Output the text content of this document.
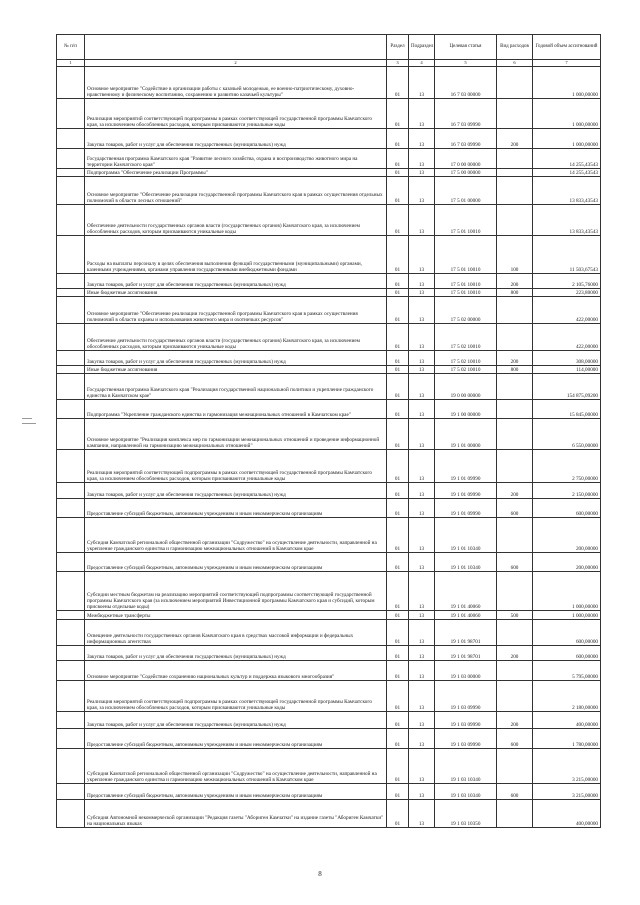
№ п/п		Раздел	Подраздел	Целевая статья	Вид расходов	Годовой объем ассигнований
1	2	3	4	5	6	7
	Основное мероприятие "Содействие в организации работы с казачьей молодежью, ее военно-патриотическому, духовно-нравственному и физическому воспитанию, сохранению и развитию казачьей культуры"	01	13	16 7 03 00000		1 000,00000
	Реализация мероприятий соответствующей подпрограммы в рамках соответствующей государственной программы Камчатского края, за исключением обособленных расходов, которым присваиваются уникальные коды	01	13	16 7 03 09990		1 000,00000
	Закупка товаров, работ и услуг для обеспечения государственных (муниципальных) нужд	01	13	16 7 03 09990	200	1 000,00000
	Государственная программа Камчатского края "Развитие лесного хозяйства, охрана и воспроизводство животного мира на территории Камчатского края"	01	13	17 0 00 00000		14 255,43543
	Подпрограмма "Обеспечение реализации Программы"	01	13	17 5 00 00000		14 255,43543
	Основное мероприятие "Обеспечение реализации государственной программы Камчатского края в рамках осуществления отдельных полномочий в области лесных отношений"	01	13	17 5 01 00000		13 833,43543
	Обеспечение деятельности государственных органов власти (государственных органов) Камчатского края, за исключением обособленных расходов, которым присваиваются уникальные коды	01	13	17 5 01 10010		13 833,43543
	Расходы на выплаты персоналу в целях обеспечения выполнения функций государственными (муниципальными) органами, казенными учреждениями, органами управления государственными внебюджетными фондами	01	13	17 5 01 10010	100	11 503,67543
	Закупка товаров, работ и услуг для обеспечения государственных (муниципальных) нужд	01	13	17 5 01 10010	200	2 105,76000
	Иные бюджетные ассигнования	01	13	17 5 01 10010	800	223,80000
	Основное мероприятие "Обеспечение реализации государственной программы Камчатского края в рамках осуществления полномочий в области охраны и использования животного мира и охотничьих ресурсов"	01	13	17 5 02 00000		422,00000
	Обеспечение деятельности государственных органов власти (государственных органов) Камчатского края, за исключением обособленных расходов, которым присваиваются уникальные коды	01	13	17 5 02 10010		422,00000
	Закупка товаров, работ и услуг для обеспечения государственных (муниципальных) нужд	01	13	17 5 02 10010	200	308,00000
	Иные бюджетные ассигнования	01	13	17 5 02 10010	800	114,00000
	Государственная программа Камчатского края "Реализация государственной национальной политики и укрепление гражданского единства в Камчатском крае"	01	13	19 0 00 00000		154 875,09200
	Подпрограмма "Укрепление гражданского единства и гармонизация межнациональных отношений в Камчатском крае"	01	13	19 1 00 00000		15 845,00000
	Основное мероприятие "Реализация комплекса мер по гармонизации межнациональных отношений и проведение информационной кампании, направленной на гармонизацию межнациональных отношений"	01	13	19 1 01 00000		6 550,00000
	Реализация мероприятий соответствующей подпрограммы в рамках соответствующей государственной программы Камчатского края, за исключением обособленных расходов, которым присваиваются уникальные коды	01	13	19 1 01 09990		2 750,00000
	Закупка товаров, работ и услуг для обеспечения государственных (муниципальных) нужд	01	13	19 1 01 09990	200	2 150,00000
	Предоставление субсидий бюджетным, автономным учреждениям и иным некоммерческим организациям	01	13	19 1 01 09990	600	600,00000
	Субсидия Камчатской региональной общественной организации "Содружество" на осуществление деятельности, направленной на укрепление гражданского единства и гармонизацию межнациональных отношений в Камчатском крае	01	13	19 1 01 10340		200,00000
	Предоставление субсидий бюджетным, автономным учреждениям и иным некоммерческим организациям	01	13	19 1 01 10340	600	200,00000
	Субсидии местным бюджетам на реализацию мероприятий соответствующей подпрограммы соответствующей государственной программы Камчатского края (за исключением мероприятий Инвестиционной программы Камчатского края и субсидий, которым присвоены отдельные коды)	01	13	19 1 01 40060		1 000,00000
	Межбюджетные трансферты	01	13	19 1 01 40060	500	1 000,00000
	Освещение деятельности государственных органов Камчатского края в средствах массовой информации и федеральных информационных агентствах	01	13	19 1 01 98701		600,00000
	Закупка товаров, работ и услуг для обеспечения государственных (муниципальных) нужд	01	13	19 1 01 98701	200	600,00000
	Основное мероприятие "Содействие сохранению национальных культур и поддержка языкового многообразия"	01	13	19 1 03 00000		5 795,00000
	Реализация мероприятий соответствующей подпрограммы в рамках соответствующей государственной программы Камчатского края, за исключением обособленных расходов, которым присваиваются уникальные коды	01	13	19 1 03 09990		2 180,00000
	Закупка товаров, работ и услуг для обеспечения государственных (муниципальных) нужд	01	13	19 1 03 09990	200	400,00000
	Предоставление субсидий бюджетным, автономным учреждениям и иным некоммерческим организациям	01	13	19 1 03 09990	600	1 780,00000
	Субсидия Камчатской региональной общественной организации "Содружество" на осуществление деятельности, направленной на укрепление гражданского единства и гармонизацию межнациональных отношений в Камчатском крае	01	13	19 1 03 10340		3 215,00000
	Предоставление субсидий бюджетным, автономным учреждениям и иным некоммерческим организациям	01	13	19 1 03 10340	600	3 215,00000
	Субсидия Автономной некоммерческой организации "Редакция газеты "Абориген Камчатки" на издание газеты "Абориген Камчатки" на национальных языках	01	13	19 1 03 10350		400,00000
8
